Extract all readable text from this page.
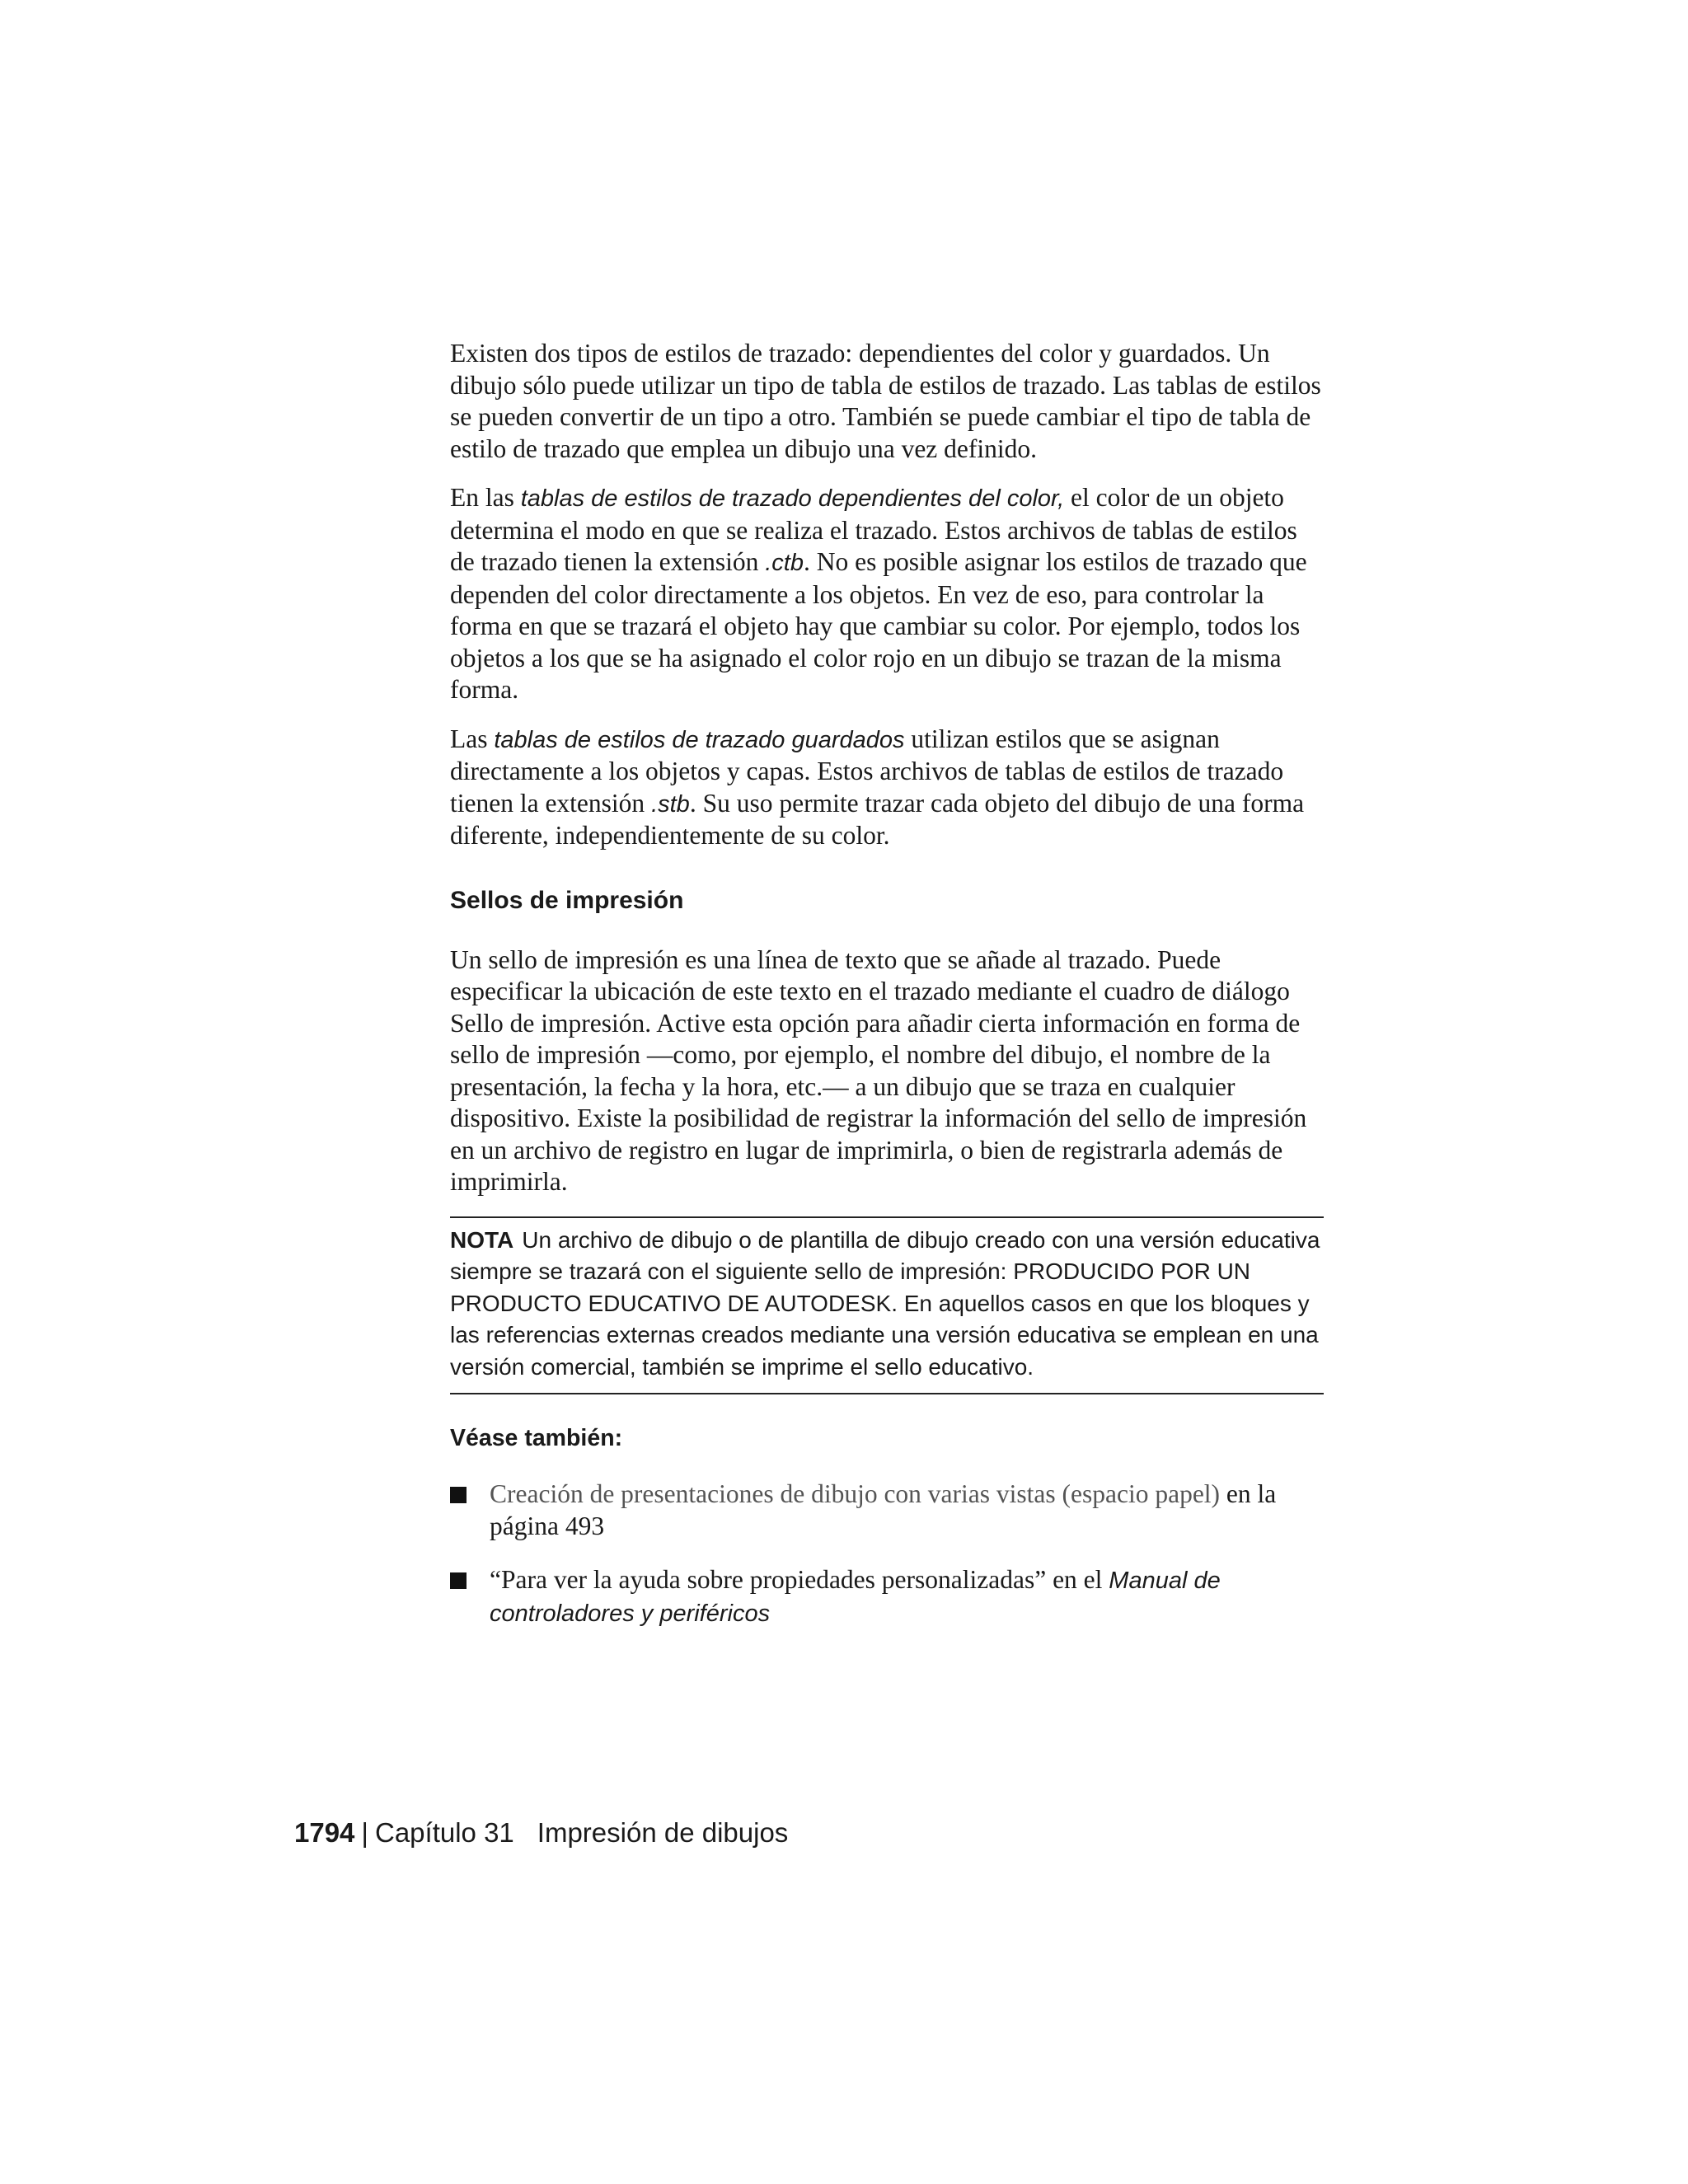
Existen dos tipos de estilos de trazado: dependientes del color y guardados. Un dibujo sólo puede utilizar un tipo de tabla de estilos de trazado. Las tablas de estilos se pueden convertir de un tipo a otro. También se puede cambiar el tipo de tabla de estilo de trazado que emplea un dibujo una vez definido.

En las tablas de estilos de trazado dependientes del color, el color de un objeto determina el modo en que se realiza el trazado. Estos archivos de tablas de estilos de trazado tienen la extensión .ctb. No es posible asignar los estilos de trazado que dependen del color directamente a los objetos. En vez de eso, para controlar la forma en que se trazará el objeto hay que cambiar su color. Por ejemplo, todos los objetos a los que se ha asignado el color rojo en un dibujo se trazan de la misma forma.

Las tablas de estilos de trazado guardados utilizan estilos que se asignan directamente a los objetos y capas. Estos archivos de tablas de estilos de trazado tienen la extensión .stb. Su uso permite trazar cada objeto del dibujo de una forma diferente, independientemente de su color.

Sellos de impresión

Un sello de impresión es una línea de texto que se añade al trazado. Puede especificar la ubicación de este texto en el trazado mediante el cuadro de diálogo Sello de impresión. Active esta opción para añadir cierta información en forma de sello de impresión —como, por ejemplo, el nombre del dibujo, el nombre de la presentación, la fecha y la hora, etc.— a un dibujo que se traza en cualquier dispositivo. Existe la posibilidad de registrar la información del sello de impresión en un archivo de registro en lugar de imprimirla, o bien de registrarla además de imprimirla.

NOTA Un archivo de dibujo o de plantilla de dibujo creado con una versión educativa siempre se trazará con el siguiente sello de impresión: PRODUCIDO POR UN PRODUCTO EDUCATIVO DE AUTODESK. En aquellos casos en que los bloques y las referencias externas creados mediante una versión educativa se emplean en una versión comercial, también se imprime el sello educativo.
Véase también:
Creación de presentaciones de dibujo con varias vistas (espacio papel) en la página 493
“Para ver la ayuda sobre propiedades personalizadas” en el Manual de controladores y periféricos
1794 | Capítulo 31 Impresión de dibujos
